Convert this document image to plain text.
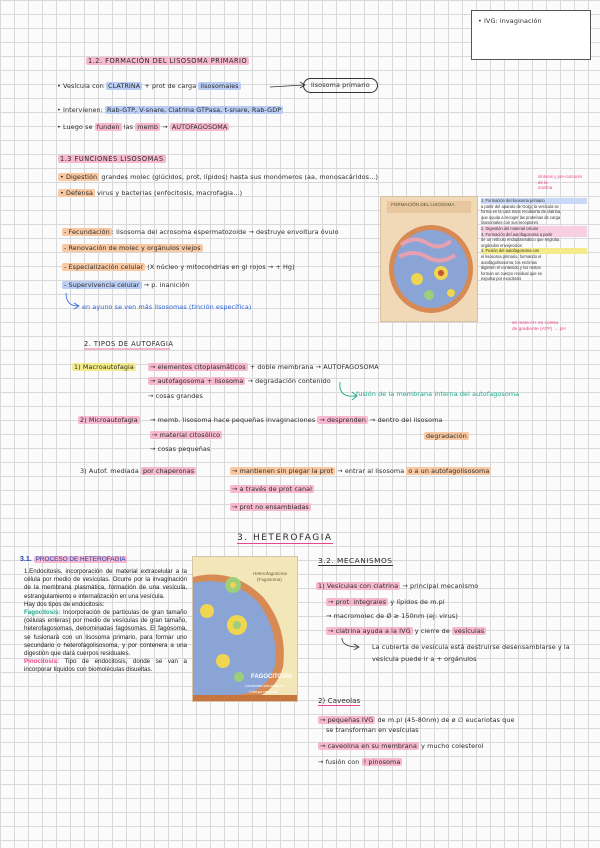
• IVG: invaginación
1.2. FORMACIÓN DEL LISOSOMA PRIMARIO
• Vesícula con CLATRINA + prot de carga lisosomales	lisosoma primario
• Intervienen: Rab-GTP, V-snare, Clatrina GTPasa, t-snare, Rab-GDP
• Luego se funden las memb → AUTOFAGOSOMA
1.3 FUNCIONES LISOSOMAS
• Digestión grandes molec (glúcidos, prot, lípidos) hasta sus monómeros (aa, monosacáridos...)
• Defensa virus y bacterias (enfocitosis, macrofagia...)
- Fecundación : lisosoma del acrosoma espermatozoide → destruye envoltura óvulo
- Renovación de molec y orgánulos viejos
- Especialización celular (X núcleo y mitocondrias en gl rojos → + Hg)
- Supervivencia celular → p. inanición
en ayuno se ven más lisosomas (tinción específica)
FORMACIÓN DEL LISOSOMA
síntesis y pre-cursores de la
enzima
1. Formación del lisosoma primario
a partir del aparato de Golgi; la vesícula se
forma en la cara trans recubierta de clatrina,
que ayuda a recoger las proteínas de carga
lisosomales con sus receptores
2. Digestión del material celular
3. Formación del autofagosoma a partir
de un retículo endoplasmático que engloba
orgánulos envejecidos
4. Fusión del autofagosoma con
el lisosoma primario, formando el
autofagolisosoma; los enzimas
digieren el contenido y los restos
forman un cuerpo residual que se
expulsa por exocitosis
se mete H+ en contra
de gradiente (ATP) → pH
2. TIPOS DE AUTOFAGIA
1) Macroautofagia	→ elementos citoplasmáticos + doble membrana → AUTOFAGOSOMA
→ autofagosoma + lisosoma → degradación contenido
→ cosas grandes	fusión de la membrana interna del autofagosoma
2) Microautofagia	→ memb. lisosoma hace pequeñas invaginaciones → desprenden → dentro del lisosoma
degradación
→ material citosólico
→ cosas pequeñas
3) Autof. mediada por chaperonas	→ mantienen sin plegar la prot → entrar al lisosoma o a un autofagolisosoma
→ a través de prot canal
→ prot no ensambladas
3. HETEROFAGIA
3.1. PROCESO DE HETEROFAGIA	3.2. MECANISMOS
1.Endocitosis, incorporación de material extracelular a la célula por medio de vesículas. Ocurre por la invaginación de la membrana plasmática, formación de una vesícula, estrangulamiento e internalización en una vesícula.
Hay dos tipos de endocitosis:
Fagocitosis: Incorporación de partículas de gran tamaño (células enteras) por medio de vesículas de gran tamaño, heterofagosomas, denominadas fagosomas. El fagosoma, se fusionará con un lisosoma primario, para formar uno secundario o heterofagolisosoma, y por contenera a una digestión que dará cuerpos residuales.
Pinocitosis: Tipo de endocitosis, donde se van a incorporar líquidos con biomoléculas disueltas.
Heterofagosoma
(Fagosoma)
FAGOCITOSIS
Lisosoma secundario
Cuerpo residual
1) Vesículas con clatrina → principal mecanismo
→ prot: integrales y lípidos de m.pl
→ macromolec de Ø ≥ 150nm (ej: virus)
→ clatrina ayuda a la IVG y cierre de vesículas
La cubierta de vesícula está destruirse desensamblarse y la
vesícula puede ir a + orgánulos
2) Caveolas
→ pequeñas IVG de m.pl (45-80nm) de ø ∅ eucariotas que
se transforman en vesículas
→ caveolina en su membrana y mucho colesterol
→ fusión con ! pinosoma
